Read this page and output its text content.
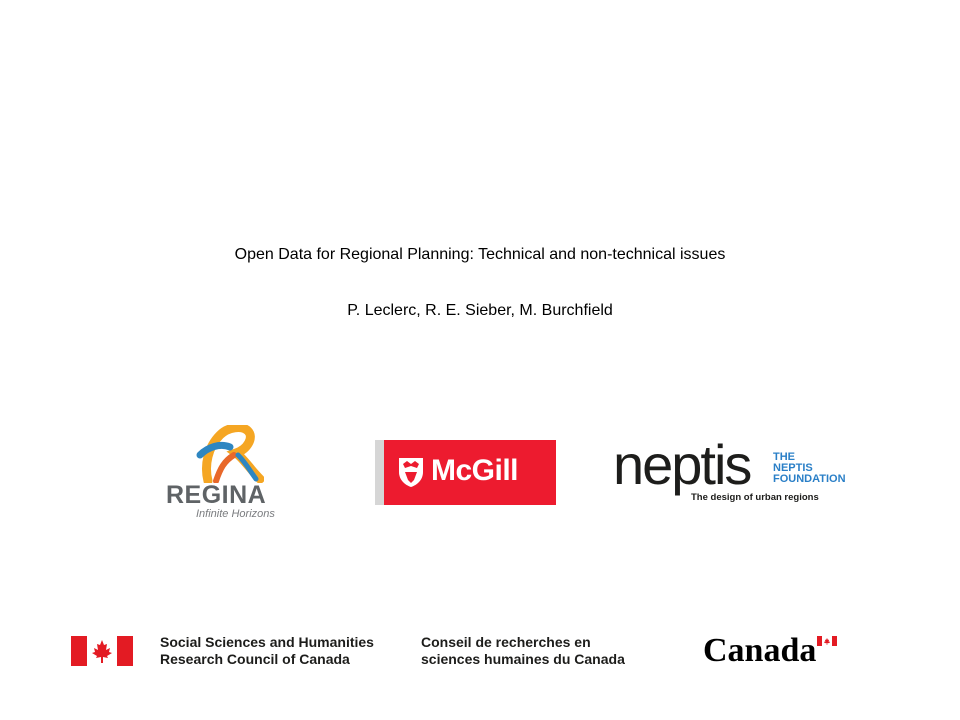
Open Data for Regional Planning: Technical and non-technical issues
P. Leclerc, R. E. Sieber, M. Burchfield
REGINA
Infinite Horizons
McGill neptis THE
NEPTIS
FOUNDATION
The design of urban regions
Social Sciences and Humanities
Research Council of Canada
Conseil de recherches en
sciences humaines du Canada Canada
